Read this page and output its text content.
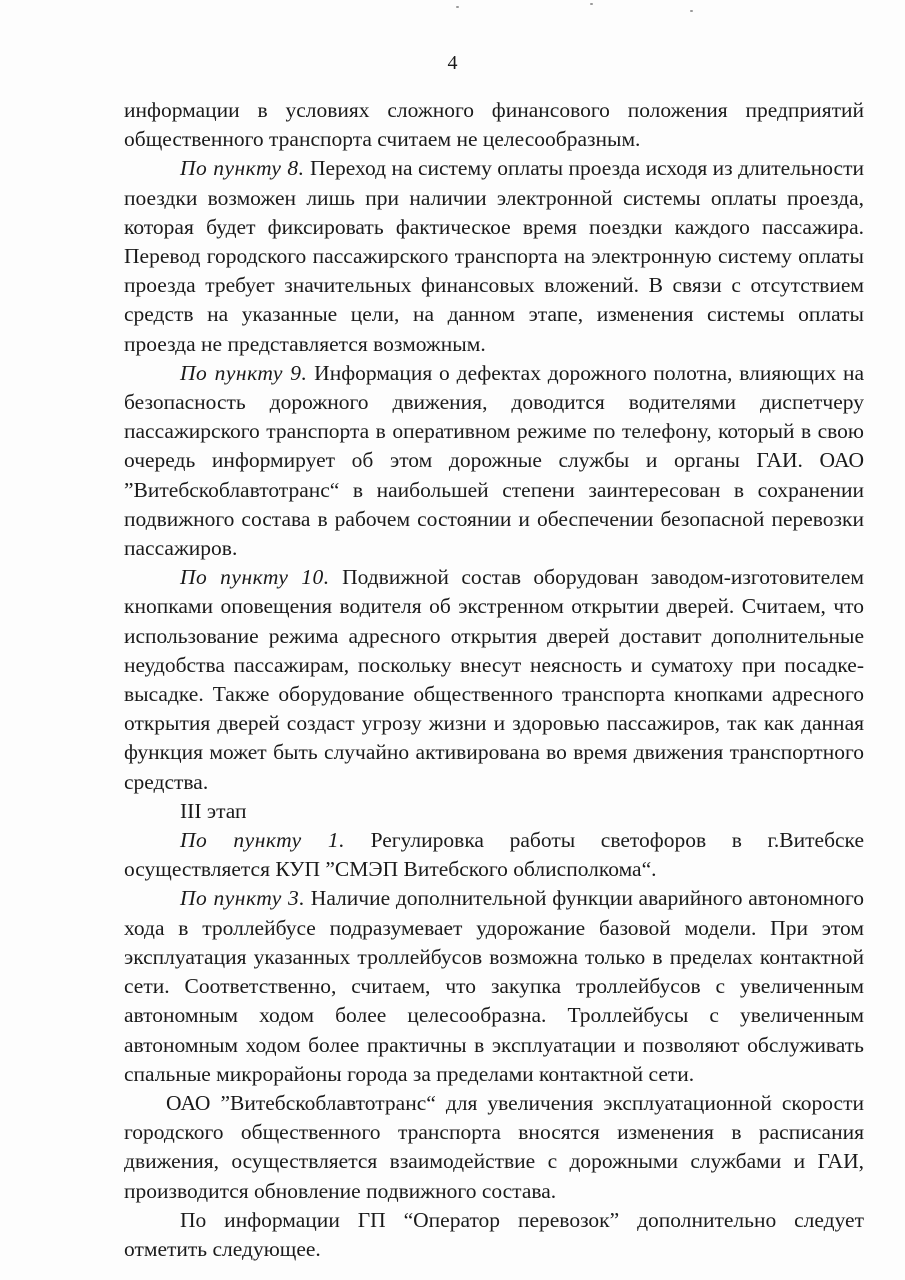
4

информации в условиях сложного финансового положения предприятий общественного транспорта считаем не целесообразным.

По пункту 8. Переход на систему оплаты проезда исходя из длительности поездки возможен лишь при наличии электронной системы оплаты проезда, которая будет фиксировать фактическое время поездки каждого пассажира. Перевод городского пассажирского транспорта на электронную систему оплаты проезда требует значительных финансовых вложений. В связи с отсутствием средств на указанные цели, на данном этапе, изменения системы оплаты проезда не представляется возможным.

По пункту 9. Информация о дефектах дорожного полотна, влияющих на безопасность дорожного движения, доводится водителями диспетчеру пассажирского транспорта в оперативном режиме по телефону, который в свою очередь информирует об этом дорожные службы и органы ГАИ. ОАО ”Витебскоблавтотранс“ в наибольшей степени заинтересован в сохранении подвижного состава в рабочем состоянии и обеспечении безопасной перевозки пассажиров.

По пункту 10. Подвижной состав оборудован заводом-изготовителем кнопками оповещения водителя об экстренном открытии дверей. Считаем, что использование режима адресного открытия дверей доставит дополнительные неудобства пассажирам, поскольку внесут неясность и суматоху при посадке-высадке. Также оборудование общественного транспорта кнопками адресного открытия дверей создаст угрозу жизни и здоровью пассажиров, так как данная функция может быть случайно активирована во время движения транспортного средства.

III этап

По пункту 1. Регулировка работы светофоров в г.Витебске осуществляется КУП ”СМЭП Витебского облисполкома“.

По пункту 3. Наличие дополнительной функции аварийного автономного хода в троллейбусе подразумевает удорожание базовой модели. При этом эксплуатация указанных троллейбусов возможна только в пределах контактной сети. Соответственно, считаем, что закупка троллейбусов с увеличенным автономным ходом более целесообразна. Троллейбусы с увеличенным автономным ходом более практичны в эксплуатации и позволяют обслуживать спальные микрорайоны города за пределами контактной сети.

ОАО ”Витебскоблавтотранс“ для увеличения эксплуатационной скорости городского общественного транспорта вносятся изменения в расписания движения, осуществляется взаимодействие с дорожными службами и ГАИ, производится обновление подвижного состава.

По информации ГП “Оператор перевозок” дополнительно следует отметить следующее.
